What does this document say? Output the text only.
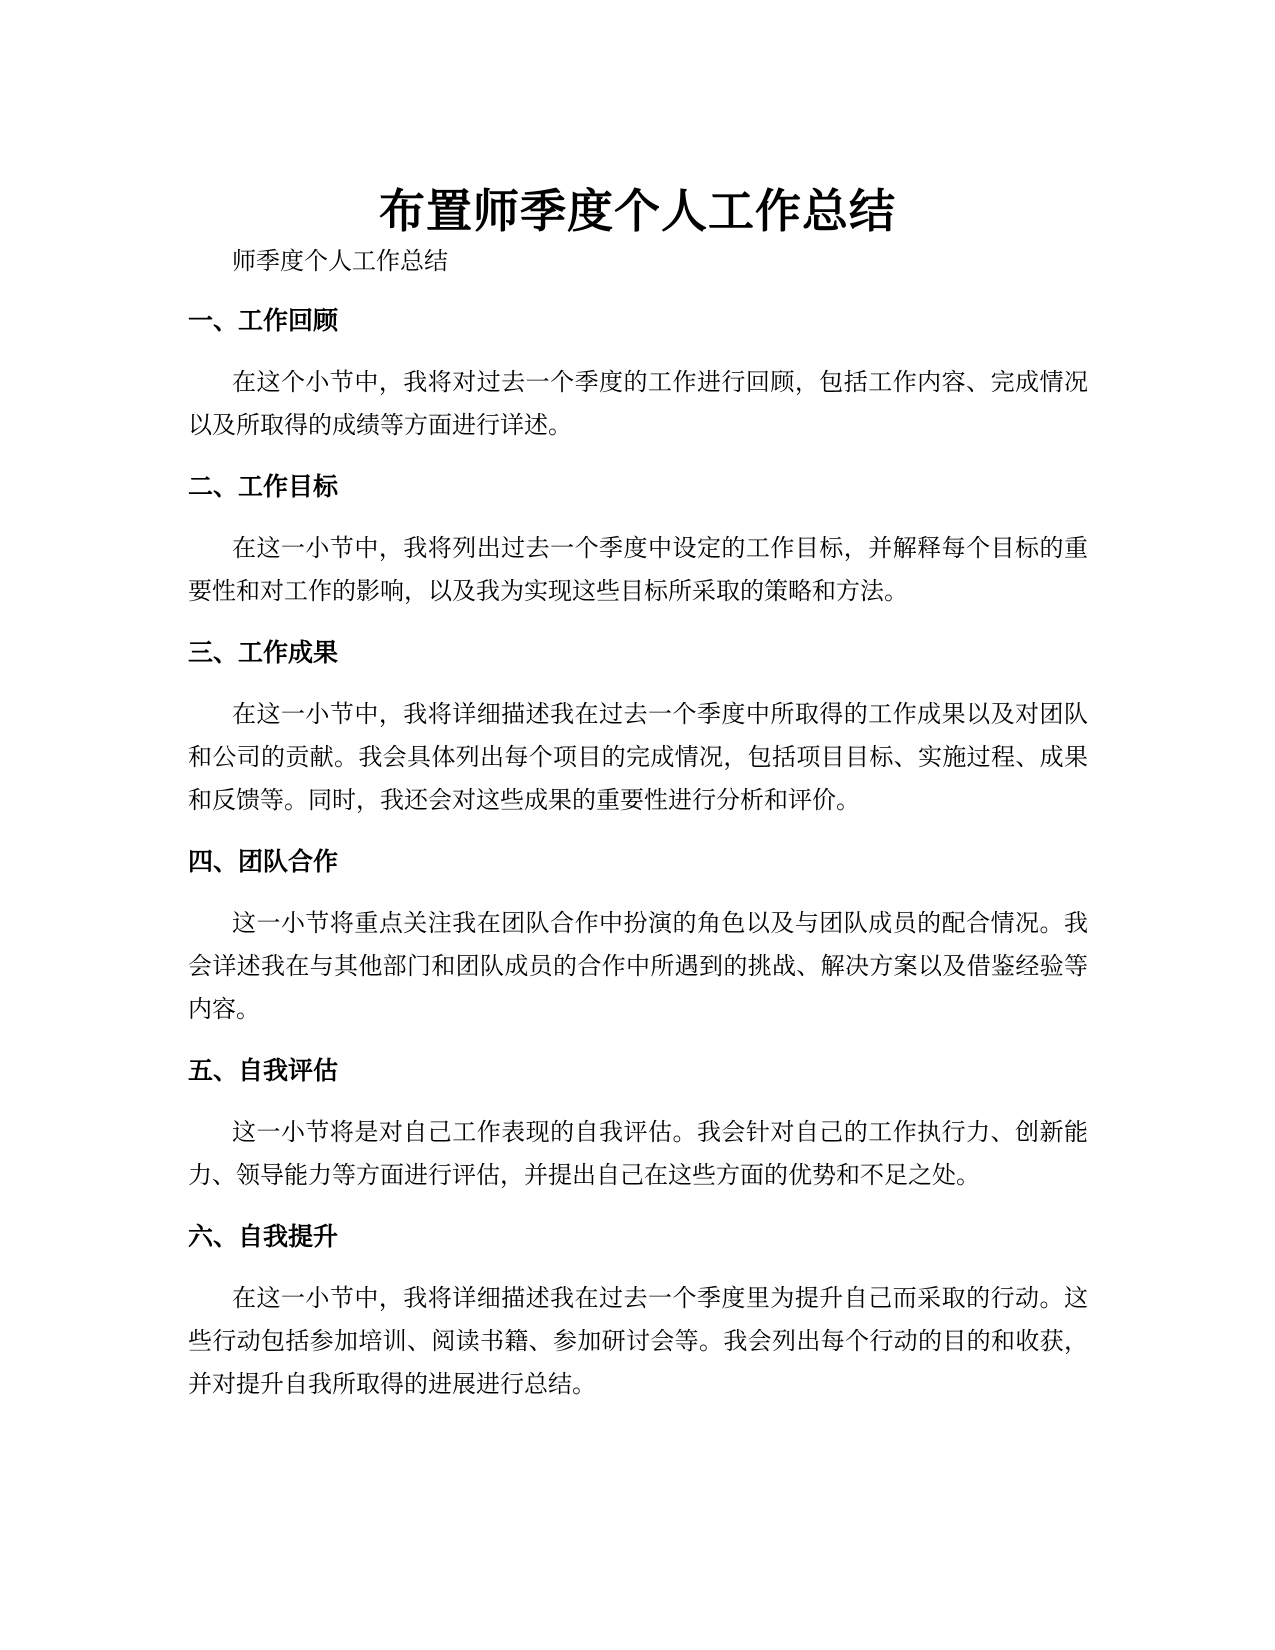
布置师季度个人工作总结

师季度个人工作总结

一、工作回顾

在这个小节中，我将对过去一个季度的工作进行回顾，包括工作内容、完成情况以及所取得的成绩等方面进行详述。

二、工作目标

在这一小节中，我将列出过去一个季度中设定的工作目标，并解释每个目标的重要性和对工作的影响，以及我为实现这些目标所采取的策略和方法。

三、工作成果

在这一小节中，我将详细描述我在过去一个季度中所取得的工作成果以及对团队和公司的贡献。我会具体列出每个项目的完成情况，包括项目目标、实施过程、成果和反馈等。同时，我还会对这些成果的重要性进行分析和评价。

四、团队合作

这一小节将重点关注我在团队合作中扮演的角色以及与团队成员的配合情况。我会详述我在与其他部门和团队成员的合作中所遇到的挑战、解决方案以及借鉴经验等内容。

五、自我评估

这一小节将是对自己工作表现的自我评估。我会针对自己的工作执行力、创新能力、领导能力等方面进行评估，并提出自己在这些方面的优势和不足之处。

六、自我提升

在这一小节中，我将详细描述我在过去一个季度里为提升自己而采取的行动。这些行动包括参加培训、阅读书籍、参加研讨会等。我会列出每个行动的目的和收获，并对提升自我所取得的进展进行总结。
